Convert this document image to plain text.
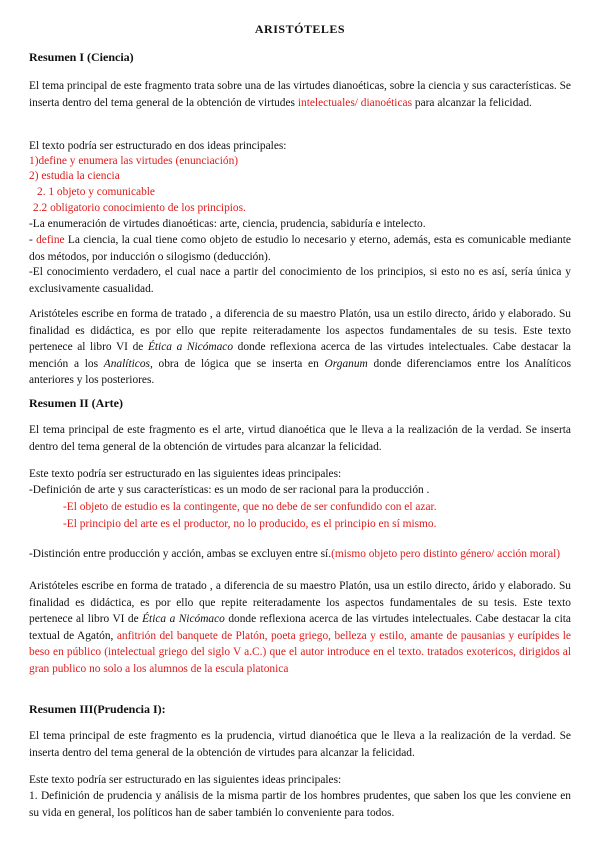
ARISTÓTELES
Resumen I (Ciencia)
El tema principal de este fragmento trata sobre una de las virtudes dianoéticas, sobre la ciencia y sus características. Se inserta dentro del tema general de la obtención de virtudes intelectuales/ dianoéticas para alcanzar la felicidad.
El texto podría ser estructurado en dos ideas principales:
1)define y enumera las virtudes (enunciación)
2) estudia la ciencia
2. 1 objeto y comunicable
2.2 obligatorio conocimiento de los principios.
-La enumeración de virtudes dianoéticas: arte, ciencia, prudencia, sabiduría e intelecto.
- define La ciencia, la cual tiene como objeto de estudio lo necesario y eterno, además, esta es comunicable mediante dos métodos, por inducción o silogismo (deducción).
-El conocimiento verdadero, el cual nace a partir del conocimiento de los principios, si esto no es así, sería única y exclusivamente casualidad.
Aristóteles escribe en forma de tratado , a diferencia de su maestro Platón, usa un estilo directo, árido y elaborado. Su finalidad es didáctica, es por ello que repite reiteradamente los aspectos fundamentales de su tesis. Este texto pertenece al libro VI de Ética a Nicómaco donde reflexiona acerca de las virtudes intelectuales. Cabe destacar la mención a los Analíticos, obra de lógica que se inserta en Organum donde diferenciamos entre los Analíticos anteriores y los posteriores.
Resumen II (Arte)
El tema principal de este fragmento es el arte, virtud dianoética que le lleva a la realización de la verdad. Se inserta dentro del tema general de la obtención de virtudes para alcanzar la felicidad.
Este texto podría ser estructurado en las siguientes ideas principales:
-Definición de arte y sus características: es un modo de ser racional para la producción .
-El objeto de estudio es la contingente, que no debe de ser confundido con el azar.
-El principio del arte es el productor, no lo producido, es el principio en sí mismo.
-Distinción entre producción y acción, ambas se excluyen entre sí.(mismo objeto pero distinto género/ acción moral)
Aristóteles escribe en forma de tratado , a diferencia de su maestro Platón, usa un estilo directo, árido y elaborado. Su finalidad es didáctica, es por ello que repite reiteradamente los aspectos fundamentales de su tesis. Este texto pertenece al libro VI de Ética a Nicómaco donde reflexiona acerca de las virtudes intelectuales. Cabe destacar la cita textual de Agatón, anfitrión del banquete de Platón, poeta griego, belleza y estilo, amante de pausanias y eurípides le beso en público (intelectual griego del siglo V a.C.) que el autor introduce en el texto. tratados exotericos, dirigidos al gran publico no solo a los alumnos de la escula platonica
Resumen III(Prudencia I):
El tema principal de este fragmento es la prudencia, virtud dianoética que le lleva a la realización de la verdad. Se inserta dentro del tema general de la obtención de virtudes para alcanzar la felicidad.
Este texto podría ser estructurado en las siguientes ideas principales:
1. Definición de prudencia y análisis de la misma partir de los hombres prudentes, que saben los que les conviene en su vida en general, los políticos han de saber también lo conveniente para todos.
